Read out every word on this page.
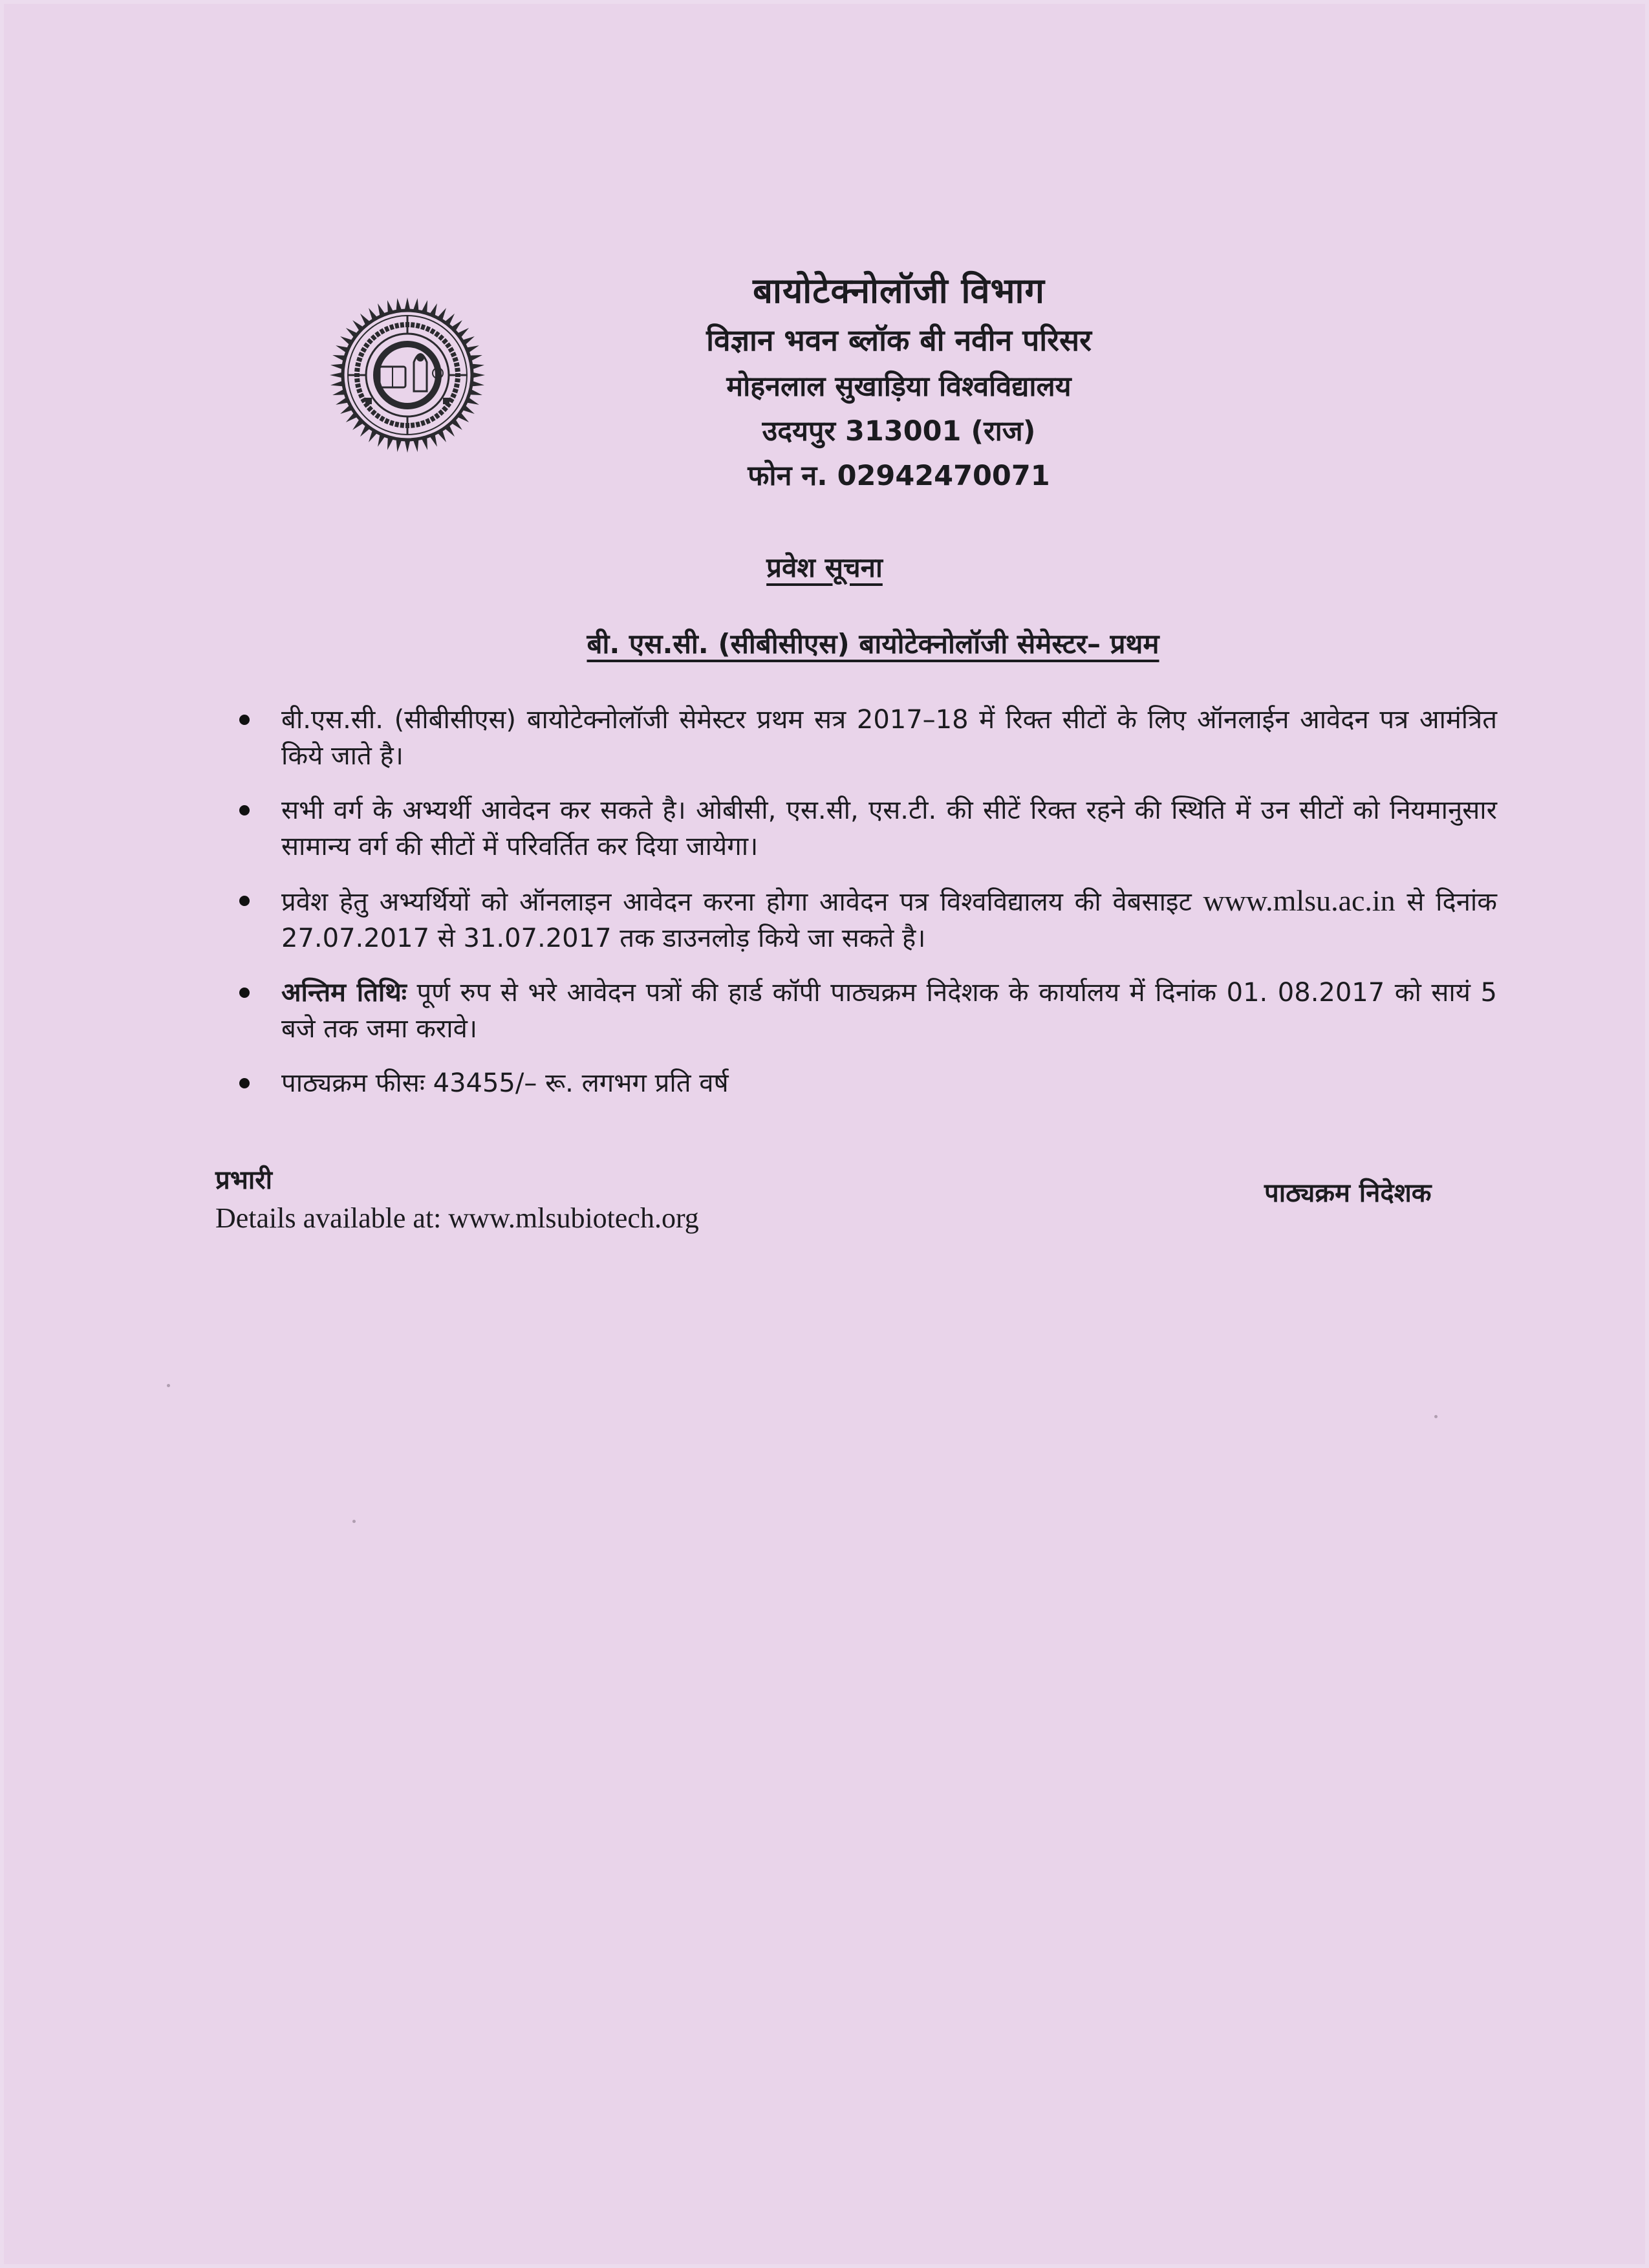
बायोटेक्नोलॉजी विभाग
विज्ञान भवन ब्लॉक बी नवीन परिसर
मोहनलाल सुखाड़िया विश्वविद्यालय
उदयपुर 313001 (राज)
फोन न. 02942470071
प्रवेश सूचना
बी. एस.सी. (सीबीसीएस) बायोटेक्नोलॉजी सेमेस्टर– प्रथम
बी.एस.सी. (सीबीसीएस) बायोटेक्नोलॉजी सेमेस्टर प्रथम सत्र 2017–18 में रिक्त सीटों के लिए ऑनलाईन आवेदन पत्र आमंत्रित किये जाते है।
सभी वर्ग के अभ्यर्थी आवेदन कर सकते है। ओबीसी, एस.सी, एस.टी. की सीटें रिक्त रहने की स्थिति में उन सीटों को नियमानुसार सामान्य वर्ग की सीटों में परिवर्तित कर दिया जायेगा।
प्रवेश हेतु अभ्यर्थियों को ऑनलाइन आवेदन करना होगा आवेदन पत्र विश्वविद्यालय की वेबसाइट www.mlsu.ac.in से दिनांक 27.07.2017 से 31.07.2017 तक डाउनलोड़ किये जा सकते है।
अन्तिम तिथिः पूर्ण रुप से भरे आवेदन पत्रों की हार्ड कॉपी पाठ्यक्रम निदेशक के कार्यालय में दिनांक 01. 08.2017 को सायं 5 बजे तक जमा करावे।
पाठ्यक्रम फीसः 43455/– रू. लगभग प्रति वर्ष
प्रभारी
Details available at: www.mlsubiotech.org
पाठ्यक्रम निदेशक
